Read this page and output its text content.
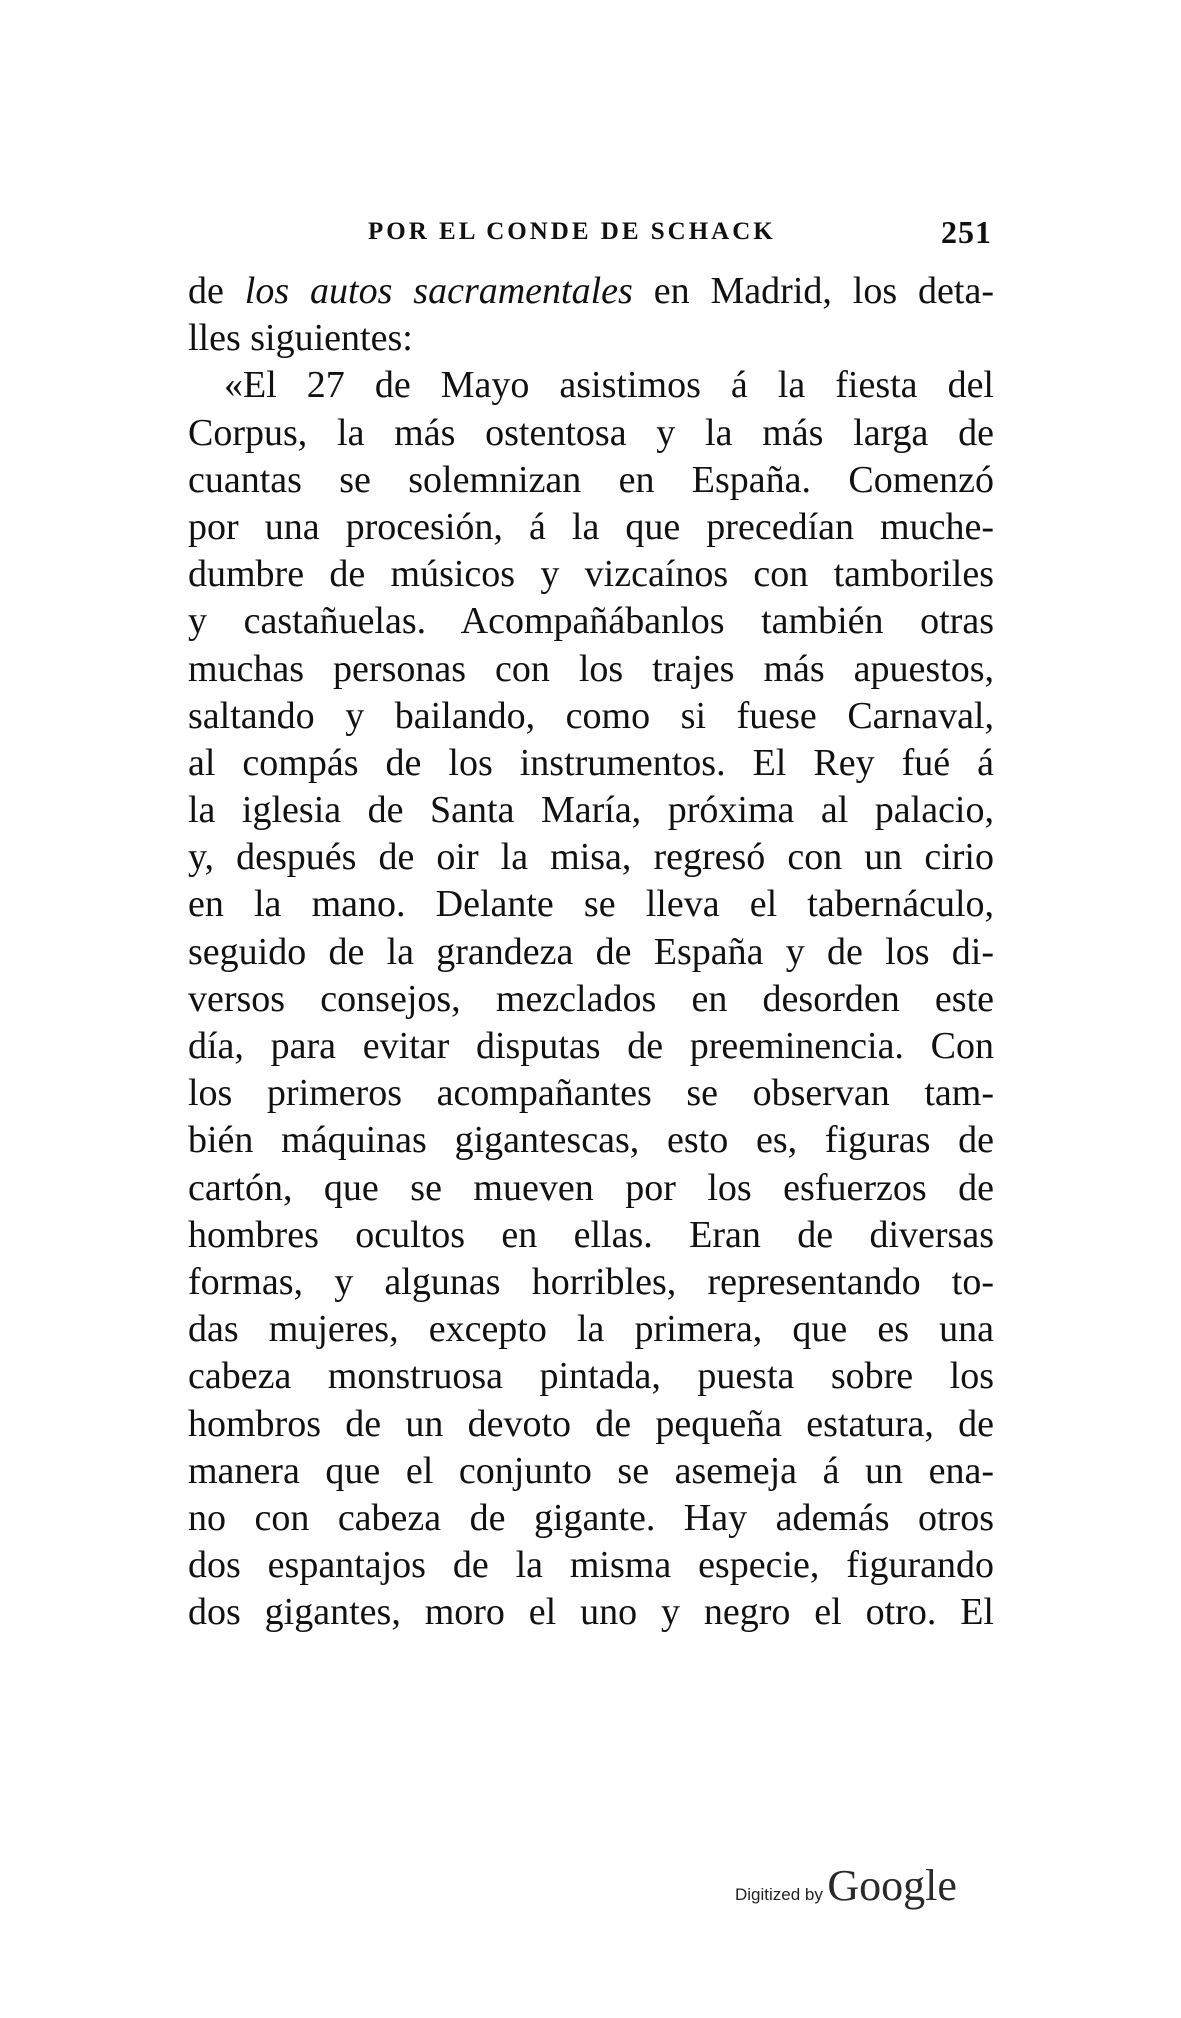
POR EL CONDE DE SCHACK	251
de los autos sacramentales en Madrid, los deta-
lles siguientes:
«El 27 de Mayo asistimos á la fiesta del
Corpus, la más ostentosa y la más larga de
cuantas se solemnizan en España. Comenzó
por una procesión, á la que precedían muche-
dumbre de músicos y vizcaínos con tamboriles
y castañuelas. Acompañábanlos también otras
muchas personas con los trajes más apuestos,
saltando y bailando, como si fuese Carnaval,
al compás de los instrumentos. El Rey fué á
la iglesia de Santa María, próxima al palacio,
y, después de oir la misa, regresó con un cirio
en la mano. Delante se lleva el tabernáculo,
seguido de la grandeza de España y de los di-
versos consejos, mezclados en desorden este
día, para evitar disputas de preeminencia. Con
los primeros acompañantes se observan tam-
bién máquinas gigantescas, esto es, figuras de
cartón, que se mueven por los esfuerzos de
hombres ocultos en ellas. Eran de diversas
formas, y algunas horribles, representando to-
das mujeres, excepto la primera, que es una
cabeza monstruosa pintada, puesta sobre los
hombros de un devoto de pequeña estatura, de
manera que el conjunto se asemeja á un ena-
no con cabeza de gigante. Hay además otros
dos espantajos de la misma especie, figurando
dos gigantes, moro el uno y negro el otro. El
Digitized by Google
